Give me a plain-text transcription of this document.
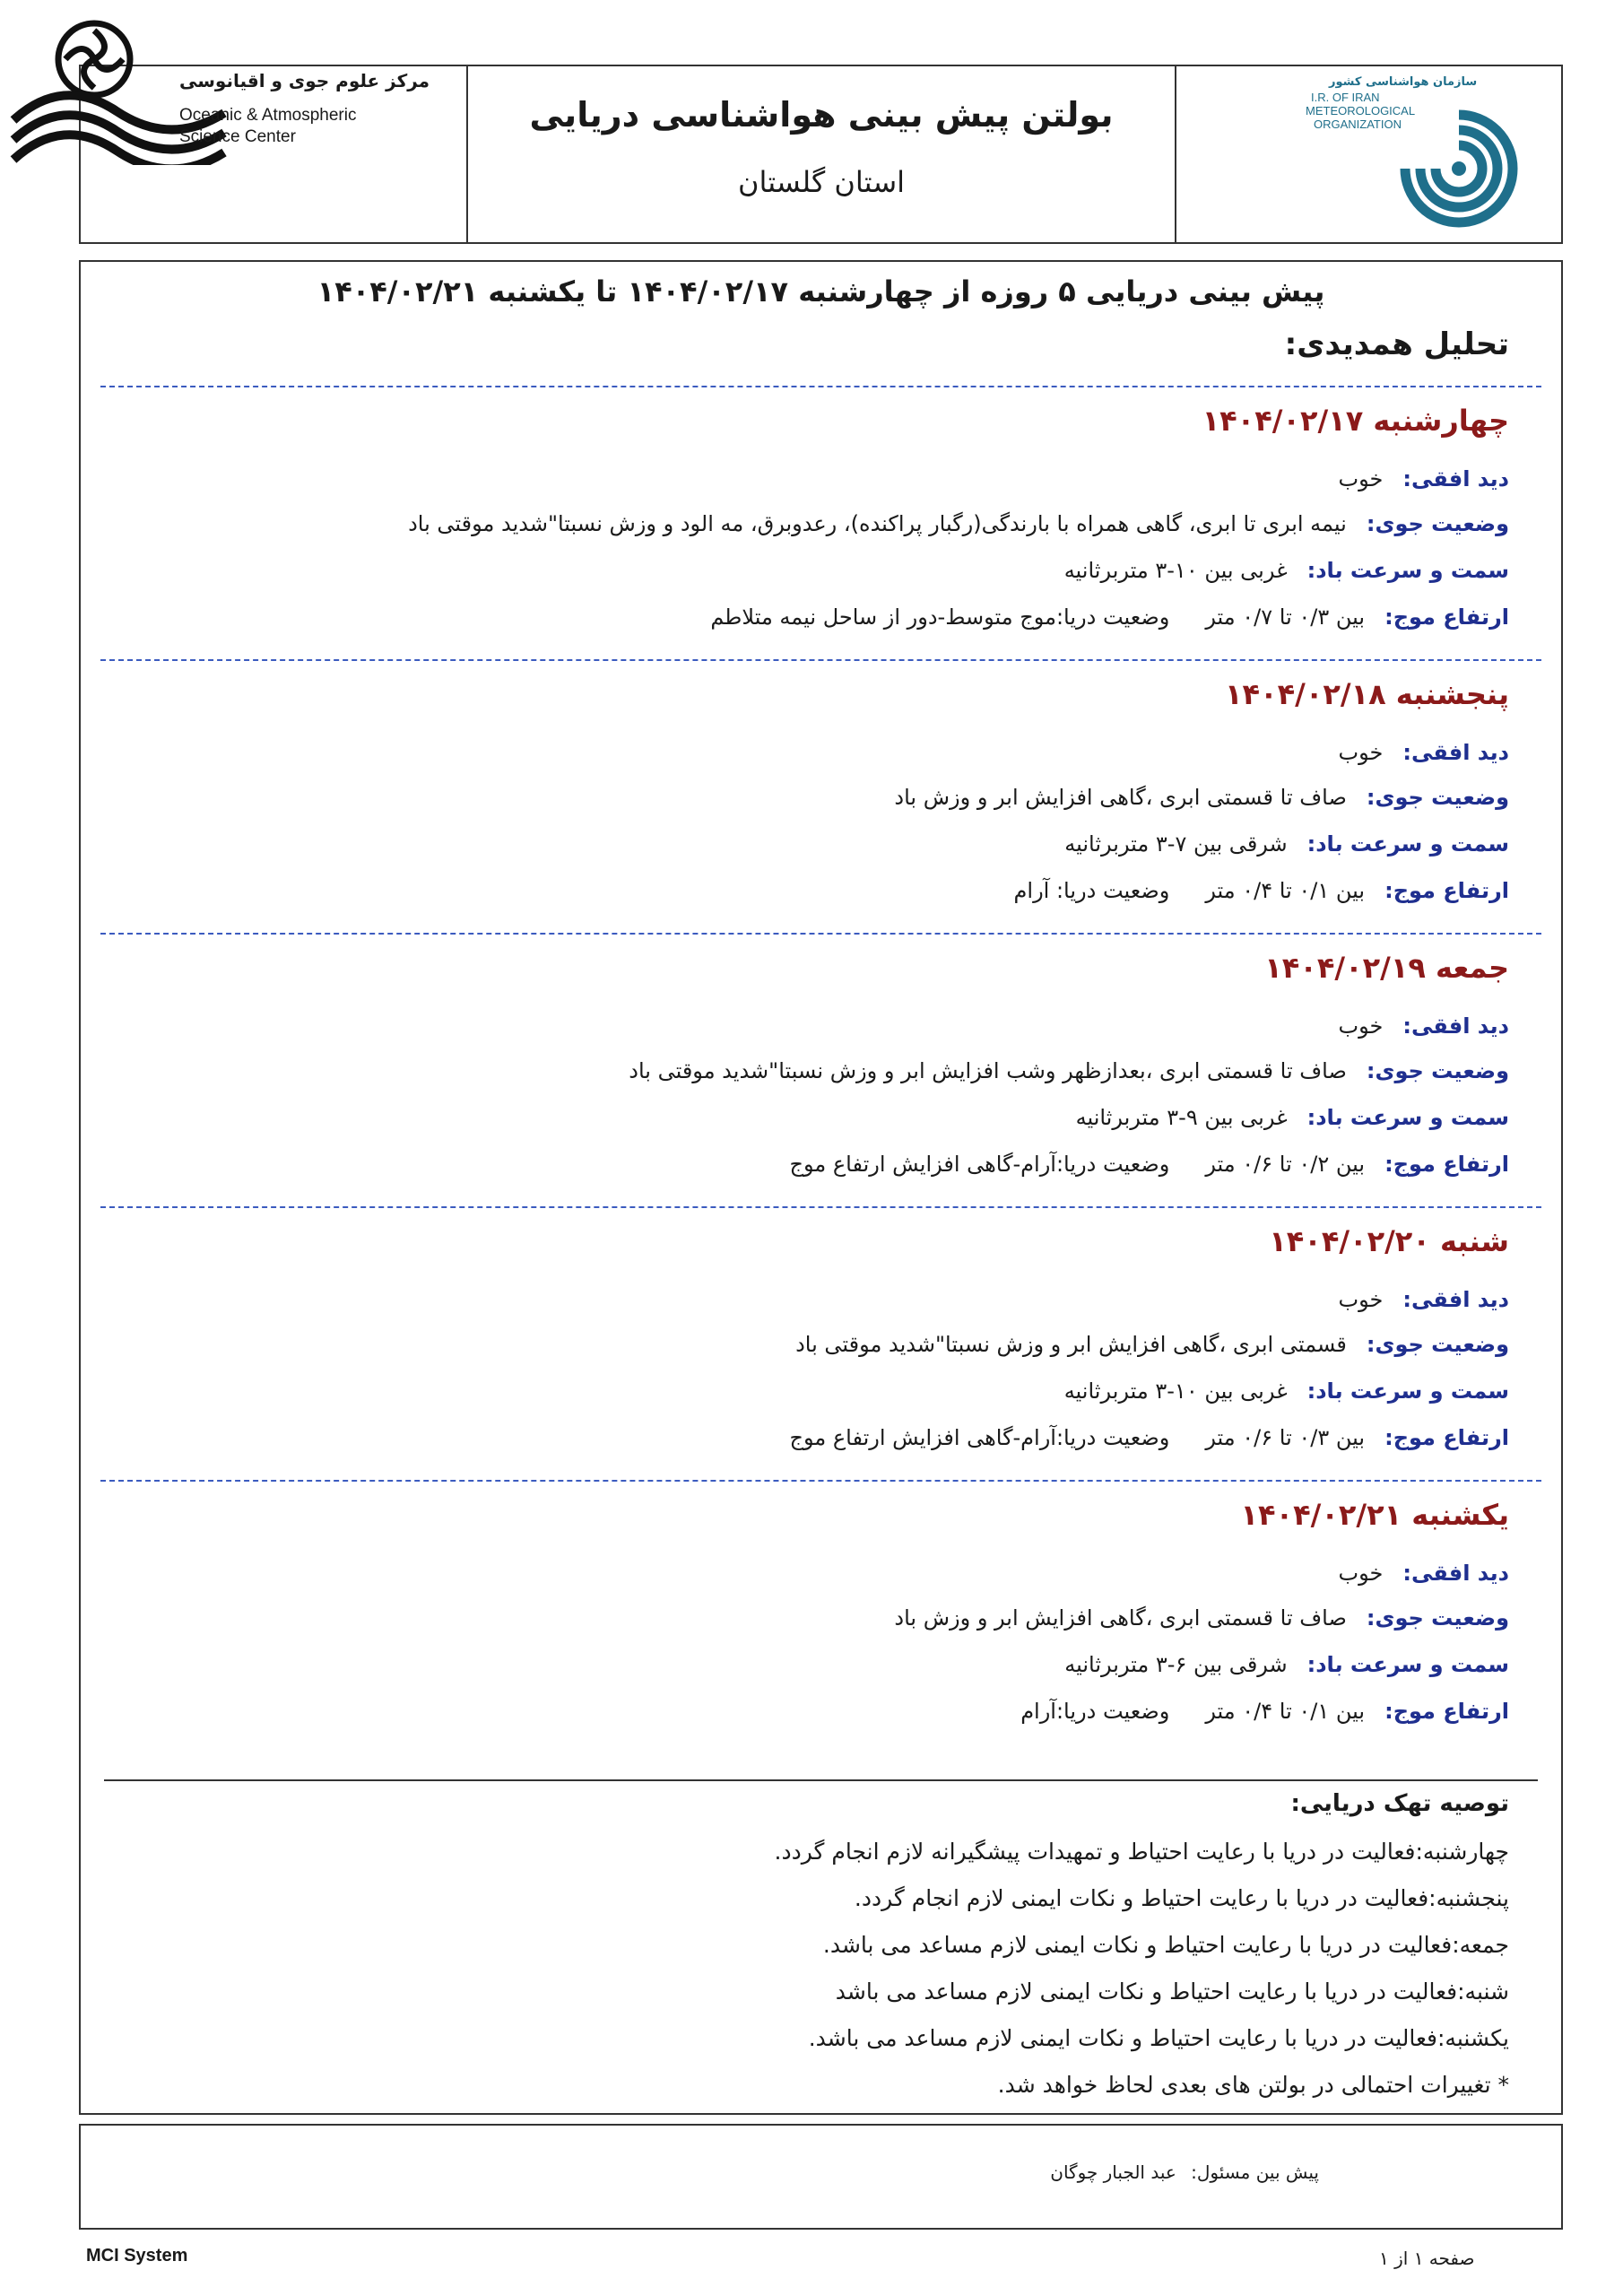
بولتن پیش بینی هواشناسی دریایی
استان گلستان
مرکز علوم جوی و اقیانوسی
Oceanic & Atmospheric
Science Center
سازمان هواشناسی کشور
I.R. OF IRAN
METEOROLOGICAL
ORGANIZATION
پیش بینی دریایی ۵ روزه از چهارشنبه ۱۴۰۴/۰۲/۱۷ تا یکشنبه ۱۴۰۴/۰۲/۲۱
تحلیل همدیدی:
چهارشنبه ۱۴۰۴/۰۲/۱۷
دید افقی:خوب
وضعیت جوی:نیمه ابری تا ابری، گاهی همراه با بارندگی(رگبار پراکنده)، رعدوبرق، مه الود و وزش نسبتا"شدید موقتی باد
سمت و سرعت باد:غربی بین ۱۰-۳ متربرثانیه
ارتفاع موج:بین ۰/۳ تا ۰/۷ متروضعیت دریا:موج متوسط-دور از ساحل نیمه متلاطم
پنجشنبه ۱۴۰۴/۰۲/۱۸
دید افقی:خوب
وضعیت جوی:صاف تا قسمتی ابری ،گاهی افزایش ابر و وزش باد
سمت و سرعت باد:شرقی بین ۷-۳ متربرثانیه
ارتفاع موج:بین ۰/۱ تا ۰/۴ متروضعیت دریا: آرام
جمعه ۱۴۰۴/۰۲/۱۹
دید افقی:خوب
وضعیت جوی:صاف تا قسمتی ابری ،بعدازظهر وشب افزایش ابر و وزش نسبتا"شدید موقتی باد
سمت و سرعت باد:غربی بین ۹-۳ متربرثانیه
ارتفاع موج:بین ۰/۲ تا ۰/۶ متروضعیت دریا:آرام-گاهی افزایش ارتفاع موج
شنبه ۱۴۰۴/۰۲/۲۰
دید افقی:خوب
وضعیت جوی:قسمتی ابری ،گاهی افزایش ابر و وزش نسبتا"شدید موقتی باد
سمت و سرعت باد:غربی بین ۱۰-۳ متربرثانیه
ارتفاع موج:بین ۰/۳ تا ۰/۶ متروضعیت دریا:آرام-گاهی افزایش ارتفاع موج
یکشنبه ۱۴۰۴/۰۲/۲۱
دید افقی:خوب
وضعیت جوی:صاف تا قسمتی ابری ،گاهی افزایش ابر و وزش باد
سمت و سرعت باد:شرقی بین ۶-۳ متربرثانیه
ارتفاع موج:بین ۰/۱ تا ۰/۴ متروضعیت دریا:آرام
توصیه تهک دریایی:
چهارشنبه:فعالیت در دریا با رعایت احتیاط و تمهیدات پیشگیرانه لازم انجام گردد.
پنجشنبه:فعالیت در دریا با رعایت احتیاط و نکات ایمنی لازم انجام گردد.
جمعه:فعالیت در دریا با رعایت احتیاط و نکات ایمنی لازم مساعد می باشد.
شنبه:فعالیت در دریا با رعایت احتیاط و نکات ایمنی لازم مساعد می باشد
یکشنبه:فعالیت در دریا با رعایت احتیاط و نکات ایمنی لازم مساعد می باشد.
* تغییرات احتمالی در بولتن های بعدی لحاظ خواهد شد.
پیش بین مسئول: عبد الجبار چوگان
صفحه ۱ از ۱
MCI System
